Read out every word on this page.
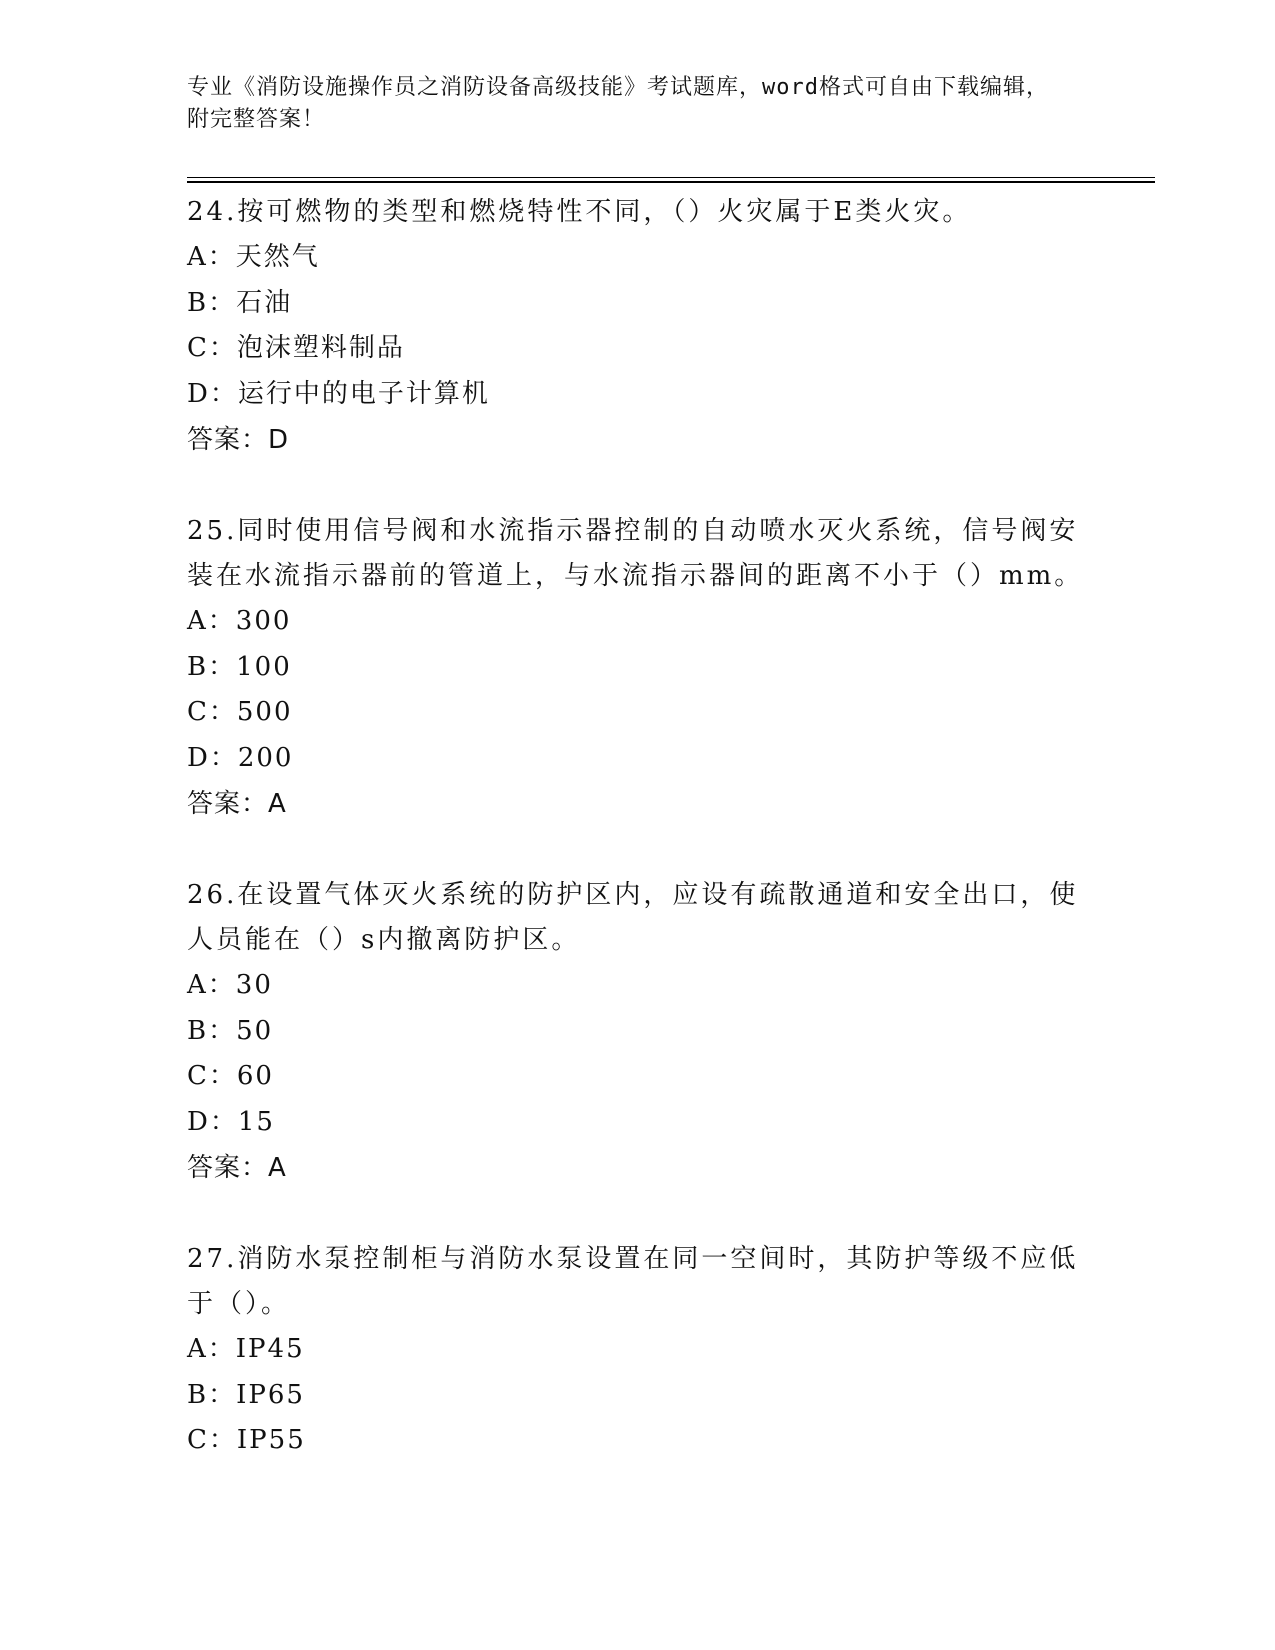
专业《消防设施操作员之消防设备高级技能》考试题库，word格式可自由下载编辑，附完整答案！

24.按可燃物的类型和燃烧特性不同，（）火灾属于E类火灾。

A：天然气

B：石油

C：泡沫塑料制品

D：运行中的电子计算机

答案：D

25.同时使用信号阀和水流指示器控制的自动喷水灭火系统，信号阀安装在水流指示器前的管道上，与水流指示器间的距离不小于（）mm。

A：300

B：100

C：500

D：200

答案：A

26.在设置气体灭火系统的防护区内，应设有疏散通道和安全出口，使人员能在（）s内撤离防护区。

A：30

B：50

C：60

D：15

答案：A

27.消防水泵控制柜与消防水泵设置在同一空间时，其防护等级不应低于（）。

A：IP45

B：IP65

C：IP55
